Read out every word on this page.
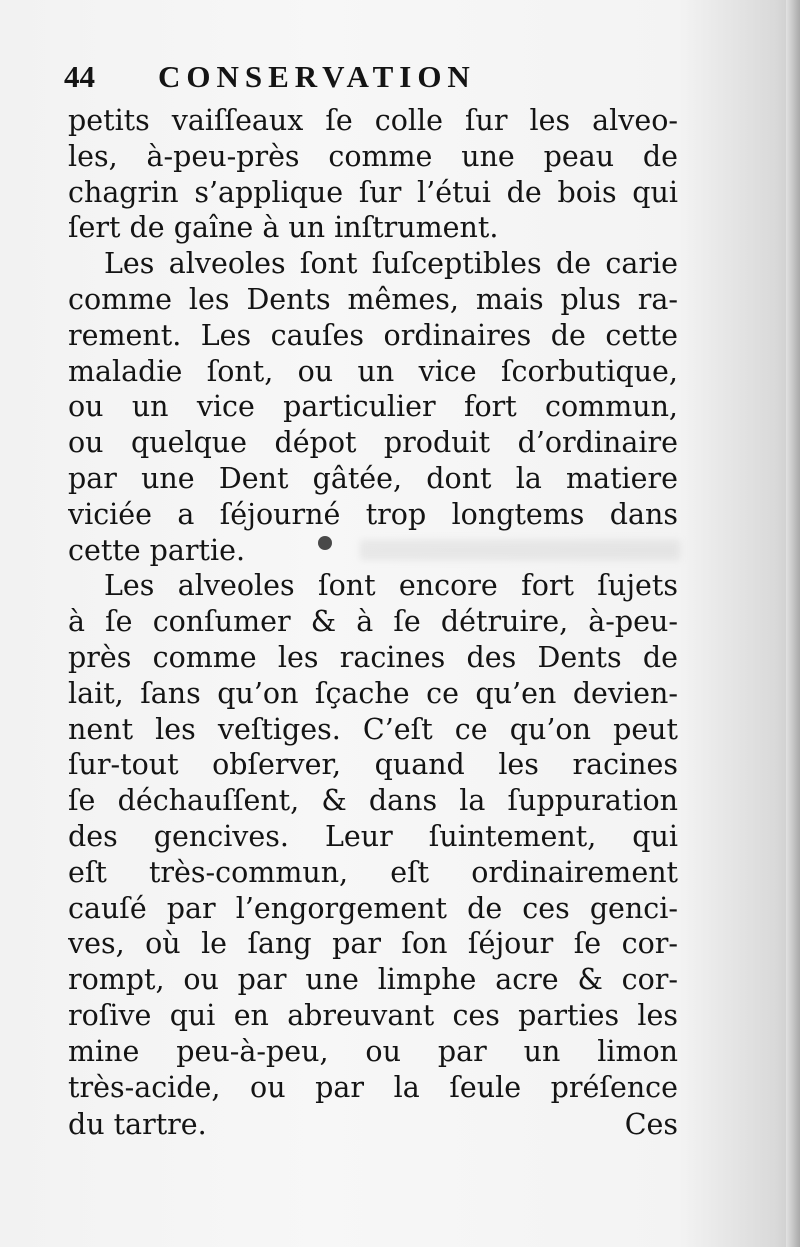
44 CONSERVATION
petits vaiſſeaux ſe colle ſur les alveo-
les, à-peu-près comme une peau de
chagrin s’applique ſur l’étui de bois qui
ſert de gaîne à un inſtrument.
Les alveoles ſont ſuſceptibles de carie
comme les Dents mêmes, mais plus ra-
rement. Les cauſes ordinaires de cette
maladie ſont, ou un vice ſcorbutique,
ou un vice particulier fort commun,
ou quelque dépot produit d’ordinaire
par une Dent gâtée, dont la matiere
viciée a ſéjourné trop longtems dans
cette partie.
Les alveoles ſont encore fort ſujets
à ſe conſumer & à ſe détruire, à-peu-
près comme les racines des Dents de
lait, ſans qu’on ſçache ce qu’en devien-
nent les veſtiges. C’eſt ce qu’on peut
ſur-tout obſerver, quand les racines
ſe déchauſſent, & dans la ſuppuration
des gencives. Leur ſuintement, qui
eſt très-commun, eſt ordinairement
cauſé par l’engorgement de ces genci-
ves, où le ſang par ſon ſéjour ſe cor-
rompt, ou par une limphe acre & cor-
roſive qui en abreuvant ces parties les
mine peu-à-peu, ou par un limon
très-acide, ou par la ſeule préſence
du tartre.	Ces
